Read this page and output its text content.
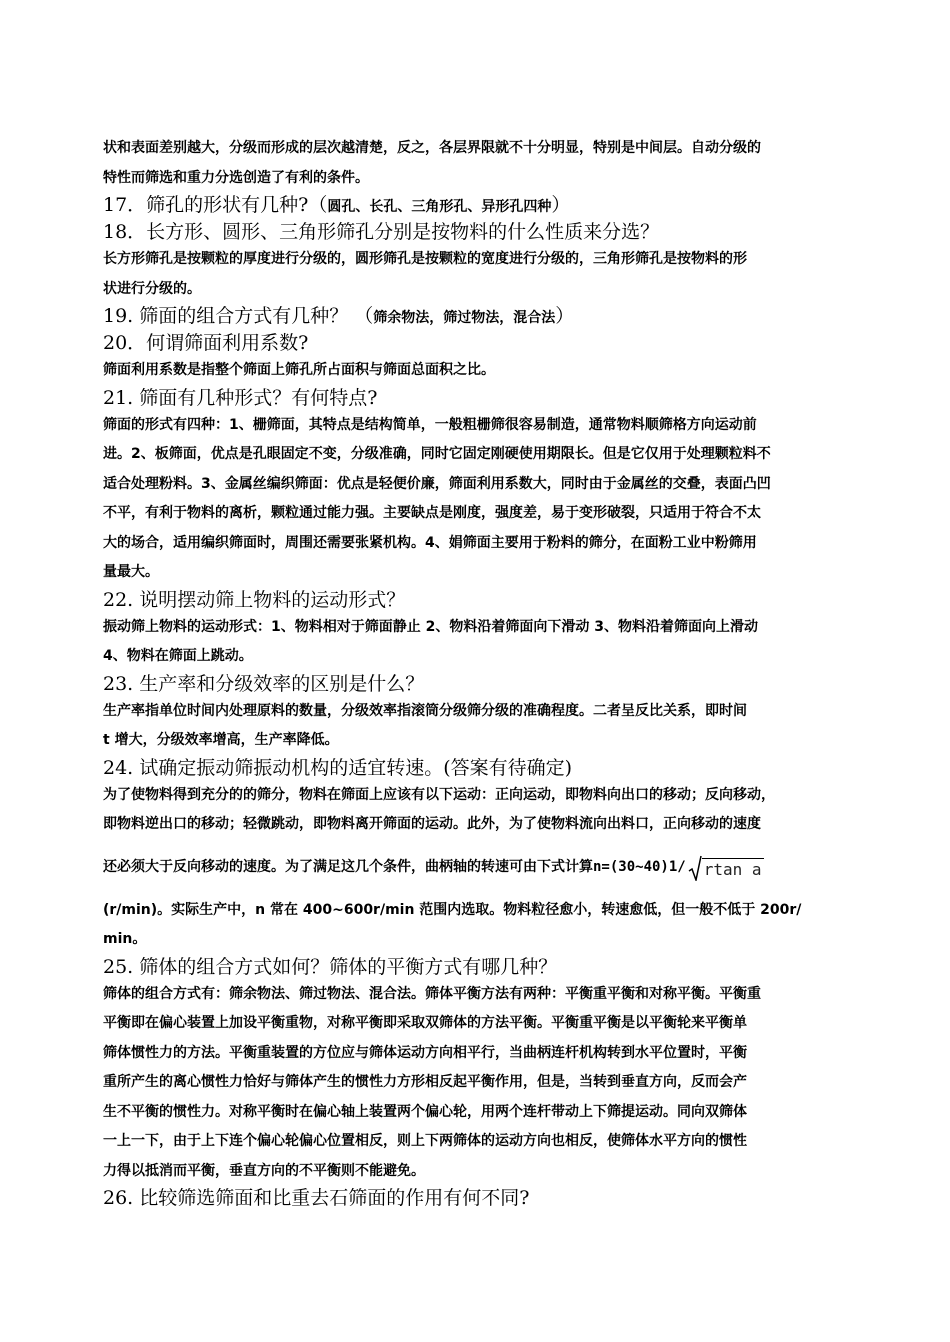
状和表面差别越大，分级而形成的层次越清楚，反之，各层界限就不十分明显，特别是中间层。自动分级的
特性而筛选和重力分选创造了有利的条件。

17．筛孔的形状有几种?（圆孔、长孔、三角形孔、异形孔四种）

18．长方形、圆形、三角形筛孔分别是按物料的什么性质来分选？

长方形筛孔是按颗粒的厚度进行分级的，圆形筛孔是按颗粒的宽度进行分级的，三角形筛孔是按物料的形
状进行分级的。

19. 筛面的组合方式有几种？ （筛余物法，筛过物法，混合法）

20．何谓筛面利用系数?

筛面利用系数是指整个筛面上筛孔所占面积与筛面总面积之比。

21. 筛面有几种形式？有何特点?

筛面的形式有四种：1、栅筛面，其特点是结构简单，一般粗栅筛很容易制造，通常物料顺筛格方向运动前
进。2、板筛面，优点是孔眼固定不变，分级准确，同时它固定刚硬使用期限长。但是它仅用于处理颗粒料不
适合处理粉料。3、金属丝编织筛面：优点是轻便价廉，筛面利用系数大，同时由于金属丝的交叠，表面凸凹
不平，有利于物料的离析，颗粒通过能力强。主要缺点是刚度，强度差，易于变形破裂，只适用于符合不太
大的场合，适用编织筛面时，周围还需要张紧机构。4、娟筛面主要用于粉料的筛分，在面粉工业中粉筛用
量最大。

22. 说明摆动筛上物料的运动形式？

振动筛上物料的运动形式：1、物料相对于筛面静止 2、物料沿着筛面向下滑动 3、物料沿着筛面向上滑动
4、物料在筛面上跳动。

23. 生产率和分级效率的区别是什么？

生产率指单位时间内处理原料的数量，分级效率指滚筒分级筛分级的准确程度。二者呈反比关系，即时间
t 增大，分级效率增高，生产率降低。

24. 试确定振动筛振动机构的适宜转速。(答案有待确定)

为了使物料得到充分的的筛分，物料在筛面上应该有以下运动：正向运动，即物料向出口的移动；反向移动，
即物料逆出口的移动；轻微跳动，即物料离开筛面的运动。此外，为了使物料流向出料口，正向移动的速度

还必须大于反向移动的速度。为了满足这几个条件，曲柄轴的转速可由下式计算 n=(30~40)1/ rtan a

(r/min)。实际生产中，n 常在 400~600r/min 范围内选取。物料粒径愈小，转速愈低，但一般不低于 200r/
min。

25. 筛体的组合方式如何？筛体的平衡方式有哪几种？

筛体的组合方式有：筛余物法、筛过物法、混合法。筛体平衡方法有两种：平衡重平衡和对称平衡。平衡重
平衡即在偏心装置上加设平衡重物，对称平衡即采取双筛体的方法平衡。平衡重平衡是以平衡轮来平衡单
筛体惯性力的方法。平衡重装置的方位应与筛体运动方向相平行，当曲柄连杆机构转到水平位置时，平衡
重所产生的离心惯性力恰好与筛体产生的惯性力方形相反起平衡作用，但是，当转到垂直方向，反而会产
生不平衡的惯性力。对称平衡时在偏心轴上装置两个偏心轮，用两个连杆带动上下筛提运动。同向双筛体
一上一下，由于上下连个偏心轮偏心位置相反，则上下两筛体的运动方向也相反，使筛体水平方向的惯性
力得以抵消而平衡，垂直方向的不平衡则不能避免。

26. 比较筛选筛面和比重去石筛面的作用有何不同?
